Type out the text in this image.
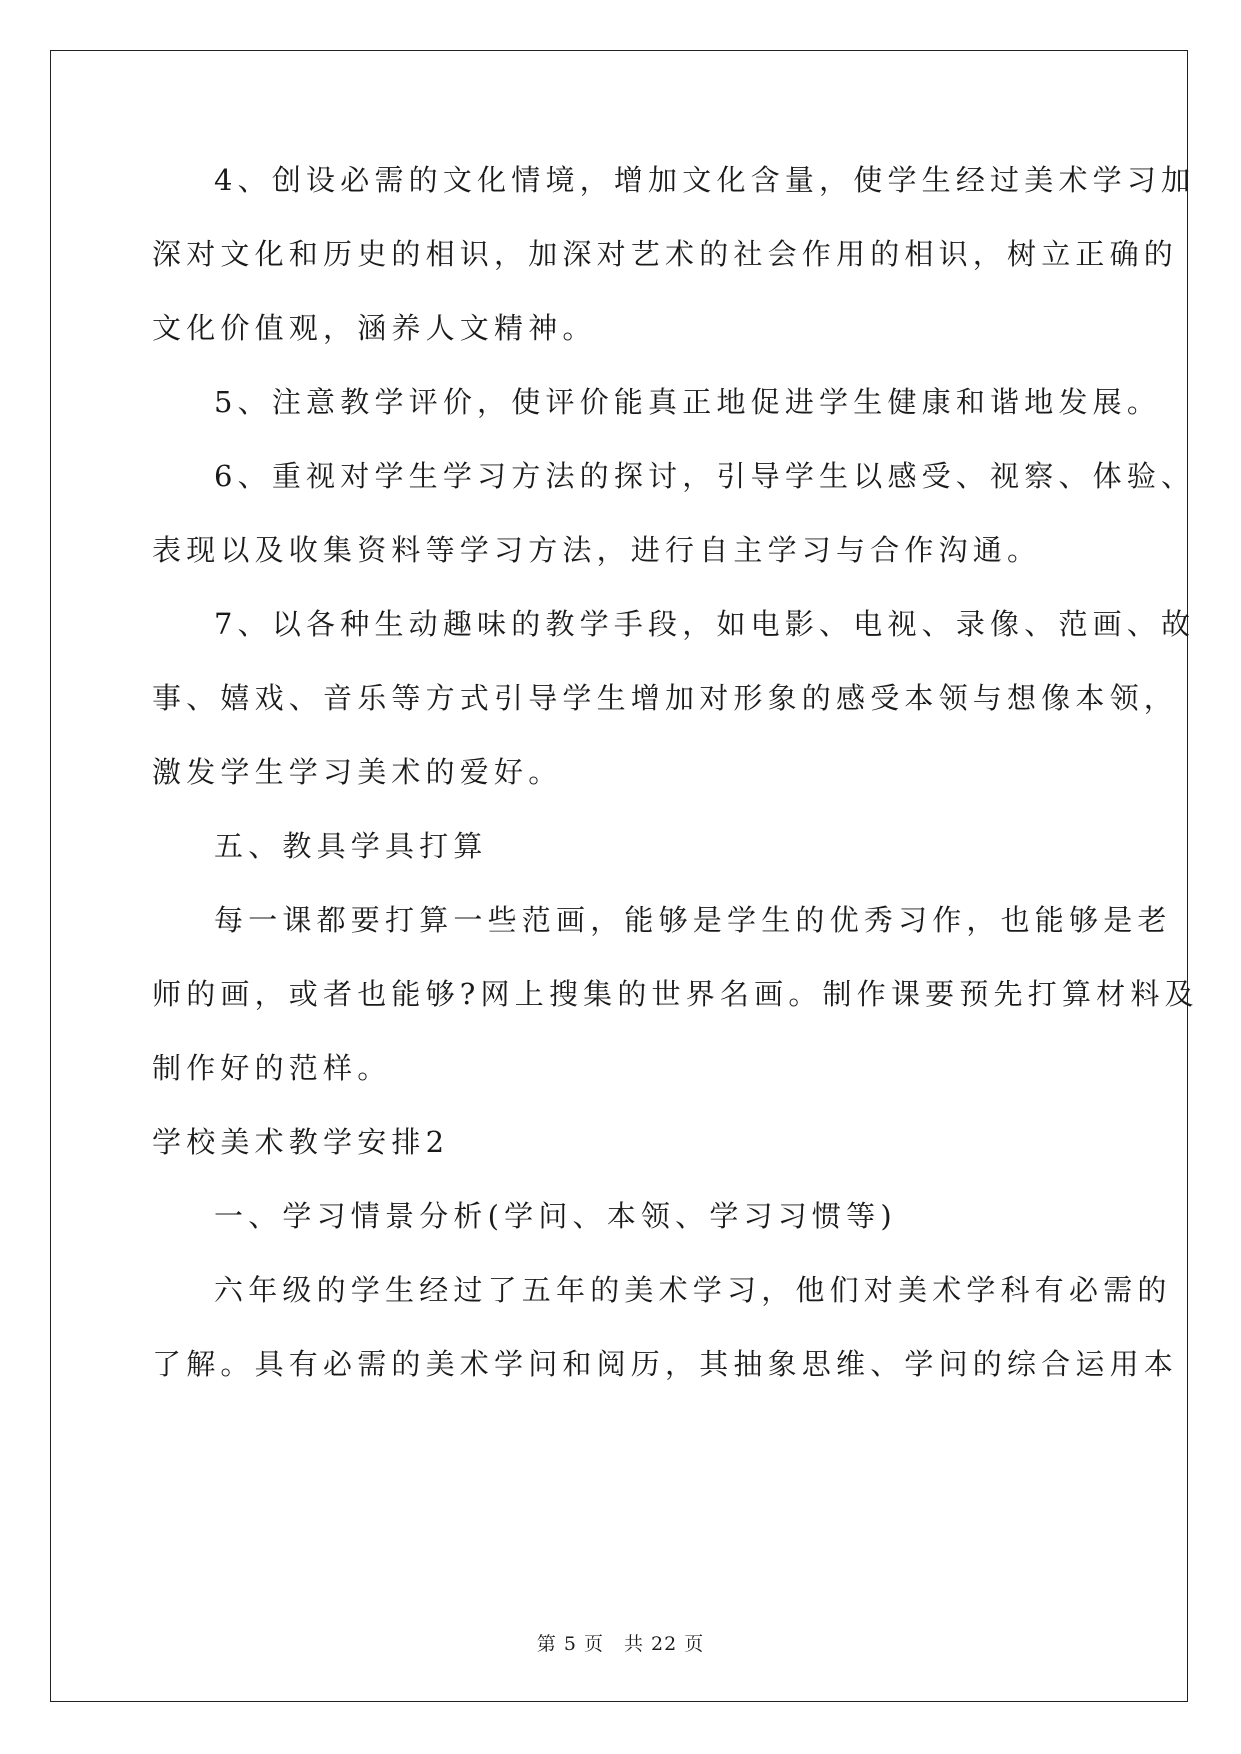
4、创设必需的文化情境，增加文化含量，使学生经过美术学习加
深对文化和历史的相识，加深对艺术的社会作用的相识，树立正确的
文化价值观，涵养人文精神。
5、注意教学评价，使评价能真正地促进学生健康和谐地发展。
6、重视对学生学习方法的探讨，引导学生以感受、视察、体验、
表现以及收集资料等学习方法，进行自主学习与合作沟通。
7、以各种生动趣味的教学手段，如电影、电视、录像、范画、故
事、嬉戏、音乐等方式引导学生增加对形象的感受本领与想像本领，
激发学生学习美术的爱好。
五、教具学具打算
每一课都要打算一些范画，能够是学生的优秀习作，也能够是老
师的画，或者也能够?网上搜集的世界名画。制作课要预先打算材料及
制作好的范样。
学校美术教学安排2
一、学习情景分析(学问、本领、学习习惯等)
六年级的学生经过了五年的美术学习，他们对美术学科有必需的
了解。具有必需的美术学问和阅历，其抽象思维、学问的综合运用本
第 5 页　共 22 页
